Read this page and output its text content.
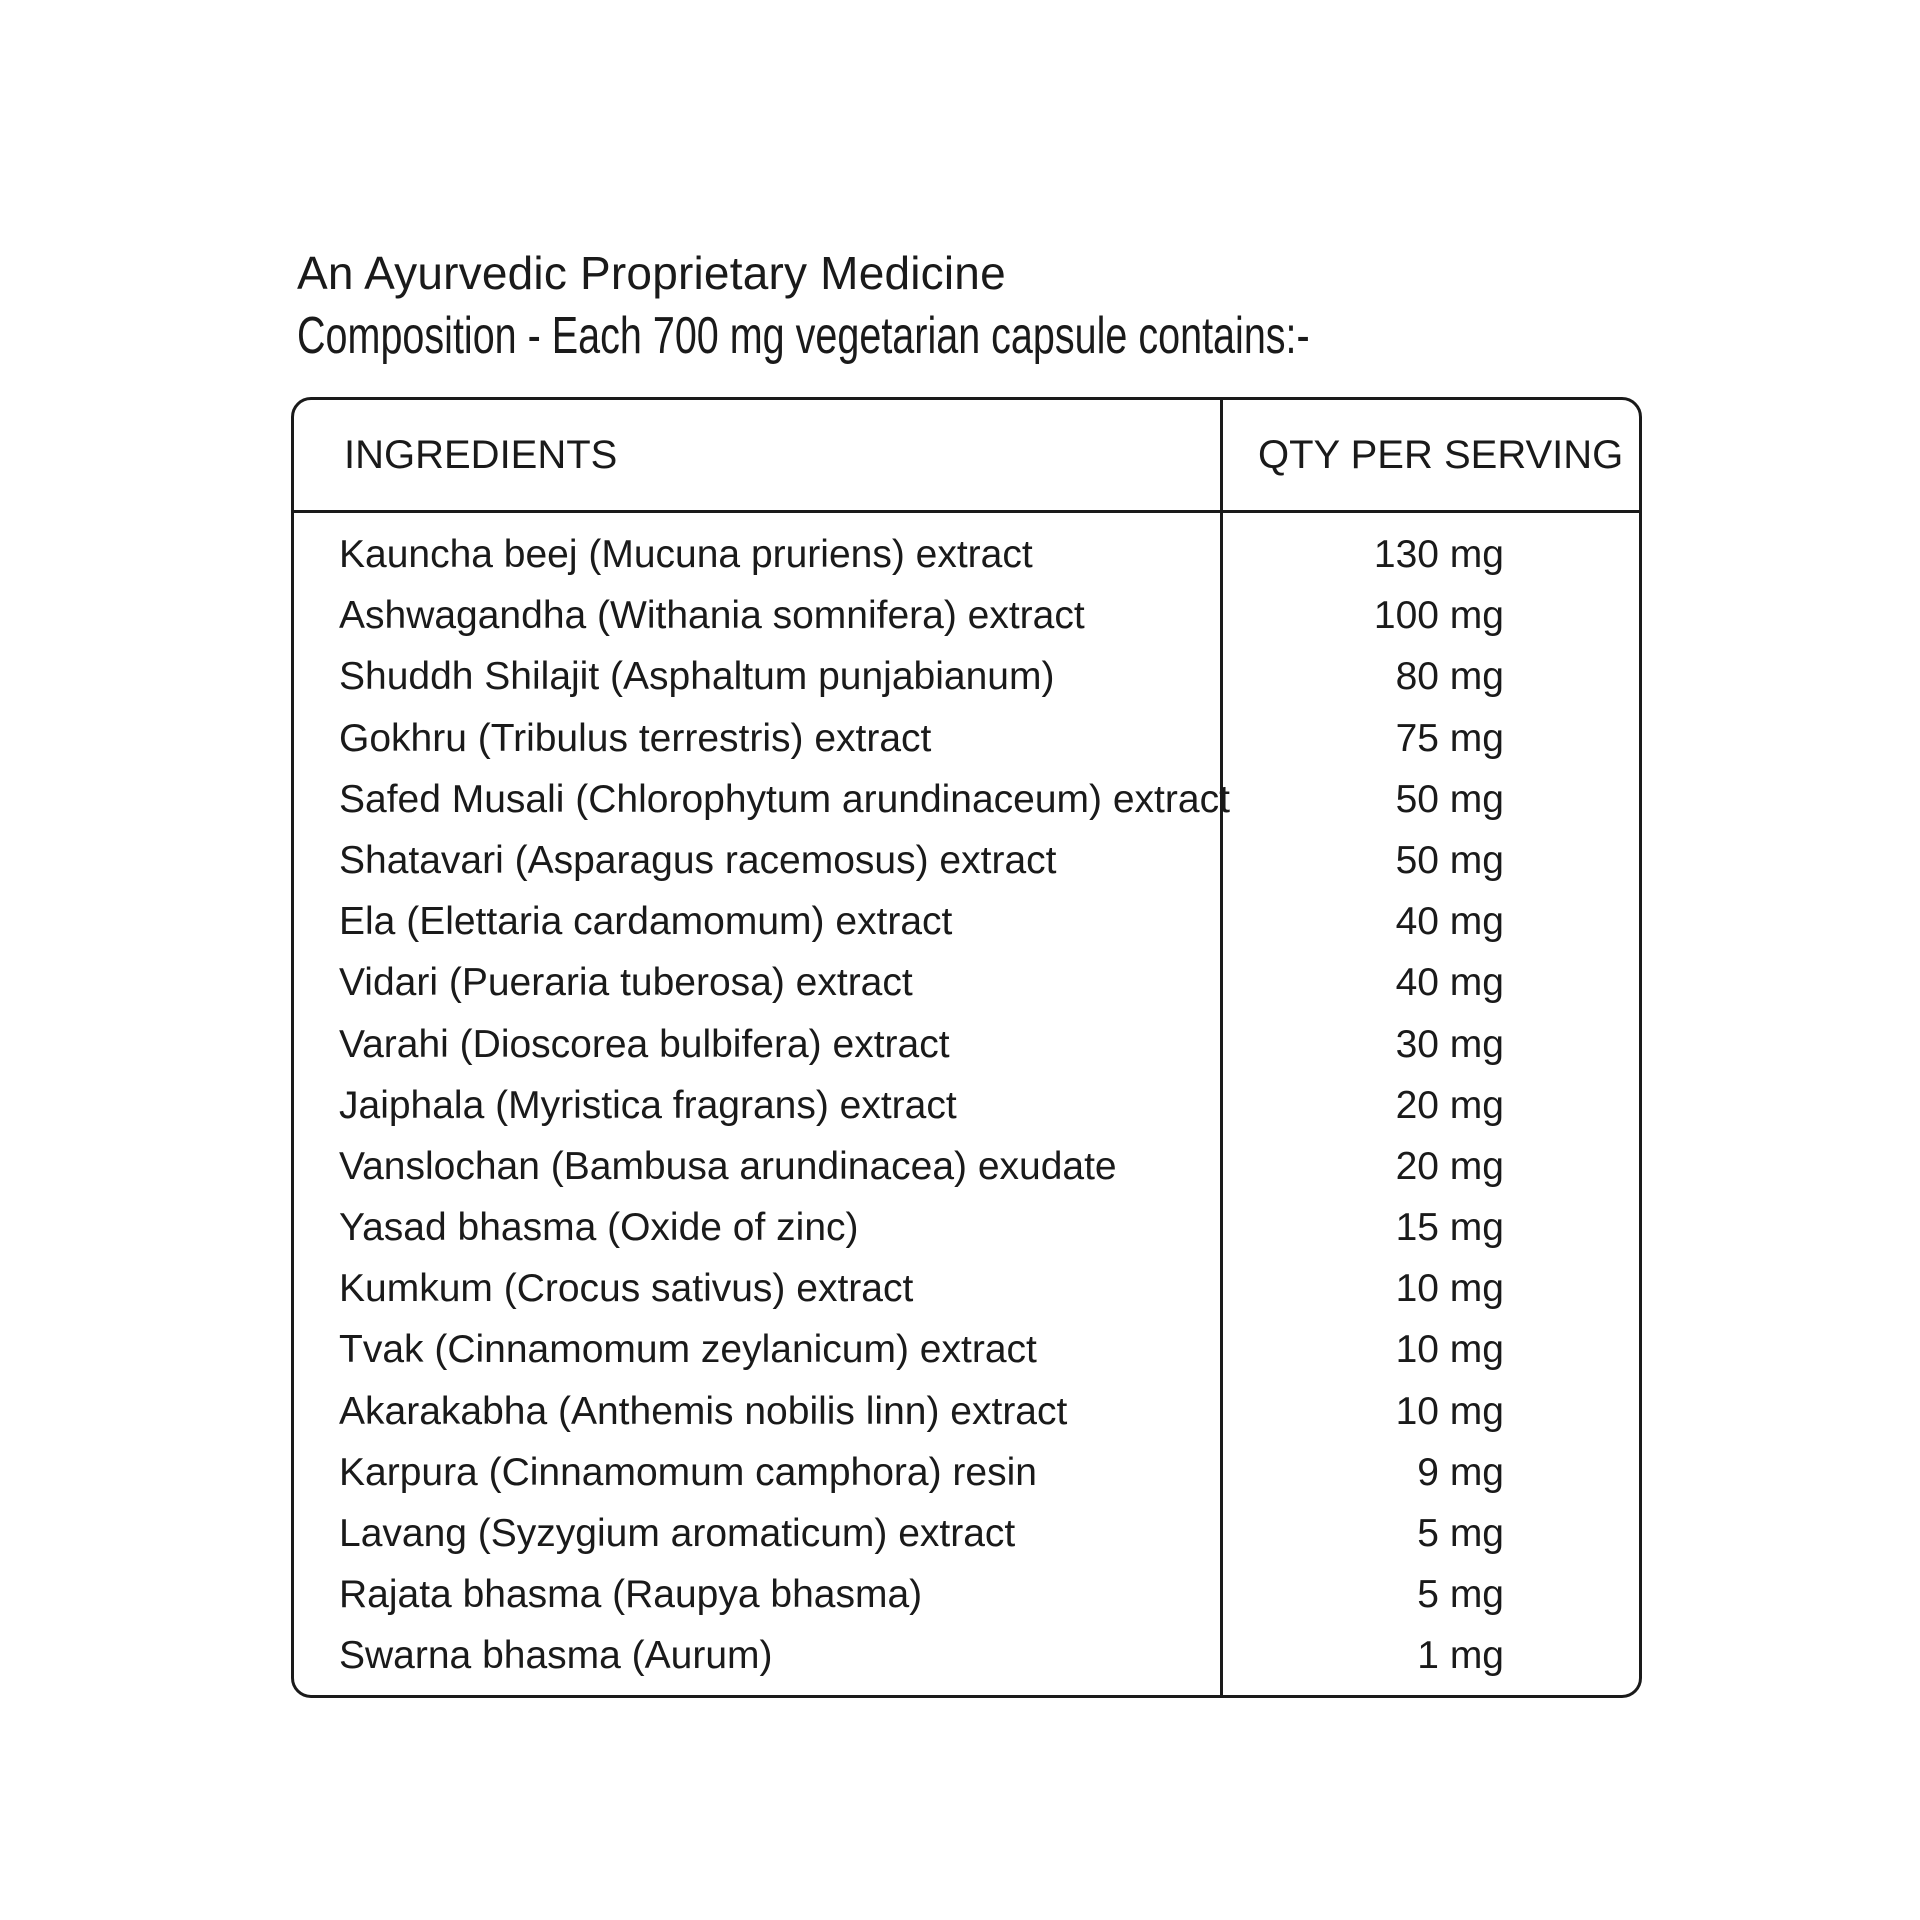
An Ayurvedic Proprietary Medicine
Composition - Each 700 mg vegetarian capsule contains:-
INGREDIENTS	QTY PER SERVING
Kauncha beej (Mucuna pruriens) extract	130 mg
Ashwagandha (Withania somnifera) extract	100 mg
Shuddh Shilajit (Asphaltum punjabianum)	80 mg
Gokhru (Tribulus terrestris) extract	75 mg
Safed Musali (Chlorophytum arundinaceum) extract	50 mg
Shatavari (Asparagus racemosus) extract	50 mg
Ela (Elettaria cardamomum) extract	40 mg
Vidari (Pueraria tuberosa) extract	40 mg
Varahi (Dioscorea bulbifera) extract	30 mg
Jaiphala (Myristica fragrans) extract	20 mg
Vanslochan (Bambusa arundinacea) exudate	20 mg
Yasad bhasma (Oxide of zinc)	15 mg
Kumkum (Crocus sativus) extract	10 mg
Tvak (Cinnamomum zeylanicum) extract	10 mg
Akarakabha (Anthemis nobilis linn) extract	10 mg
Karpura (Cinnamomum camphora) resin	9 mg
Lavang (Syzygium aromaticum) extract	5 mg
Rajata bhasma (Raupya bhasma)	5 mg
Swarna bhasma (Aurum)	1 mg
